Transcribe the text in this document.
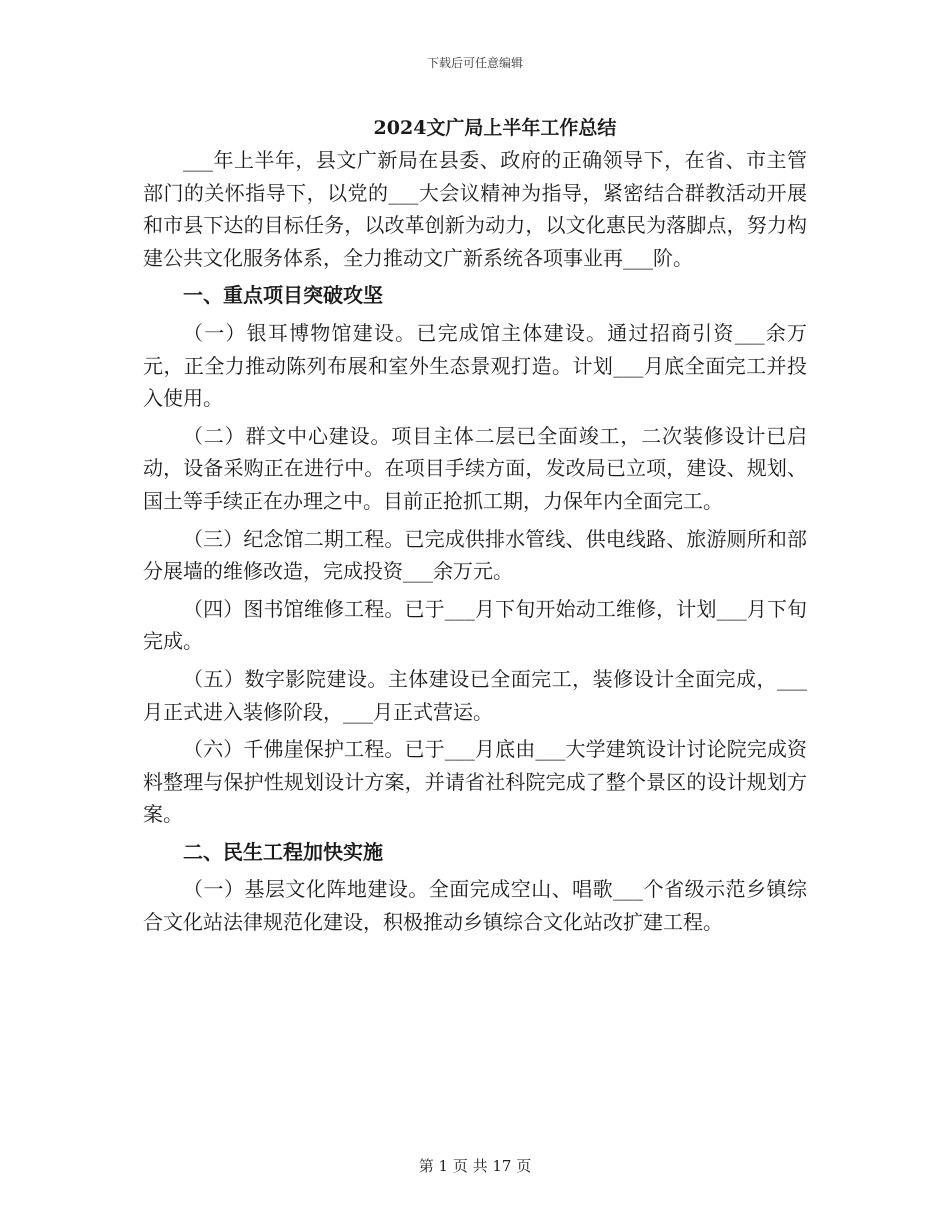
下载后可任意编辑
2024文广局上半年工作总结

___年上半年，县文广新局在县委、政府的正确领导下，在省、市主管部门的关怀指导下，以党的___大会议精神为指导，紧密结合群教活动开展和市县下达的目标任务，以改革创新为动力，以文化惠民为落脚点，努力构建公共文化服务体系，全力推动文广新系统各项事业再___阶。

一、重点项目突破攻坚

（一）银耳博物馆建设。已完成馆主体建设。通过招商引资___余万元，正全力推动陈列布展和室外生态景观打造。计划___月底全面完工并投入使用。

（二）群文中心建设。项目主体二层已全面竣工，二次装修设计已启动，设备采购正在进行中。在项目手续方面，发改局已立项，建设、规划、国土等手续正在办理之中。目前正抢抓工期，力保年内全面完工。

（三）纪念馆二期工程。已完成供排水管线、供电线路、旅游厕所和部分展墙的维修改造，完成投资___余万元。

（四）图书馆维修工程。已于___月下旬开始动工维修，计划___月下旬完成。

（五）数字影院建设。主体建设已全面完工，装修设计全面完成，___月正式进入装修阶段，___月正式营运。

（六）千佛崖保护工程。已于___月底由___大学建筑设计讨论院完成资料整理与保护性规划设计方案，并请省社科院完成了整个景区的设计规划方案。

二、民生工程加快实施

（一）基层文化阵地建设。全面完成空山、唱歌___个省级示范乡镇综合文化站法律规范化建设，积极推动乡镇综合文化站改扩建工程。

第 1 页 共 17 页
